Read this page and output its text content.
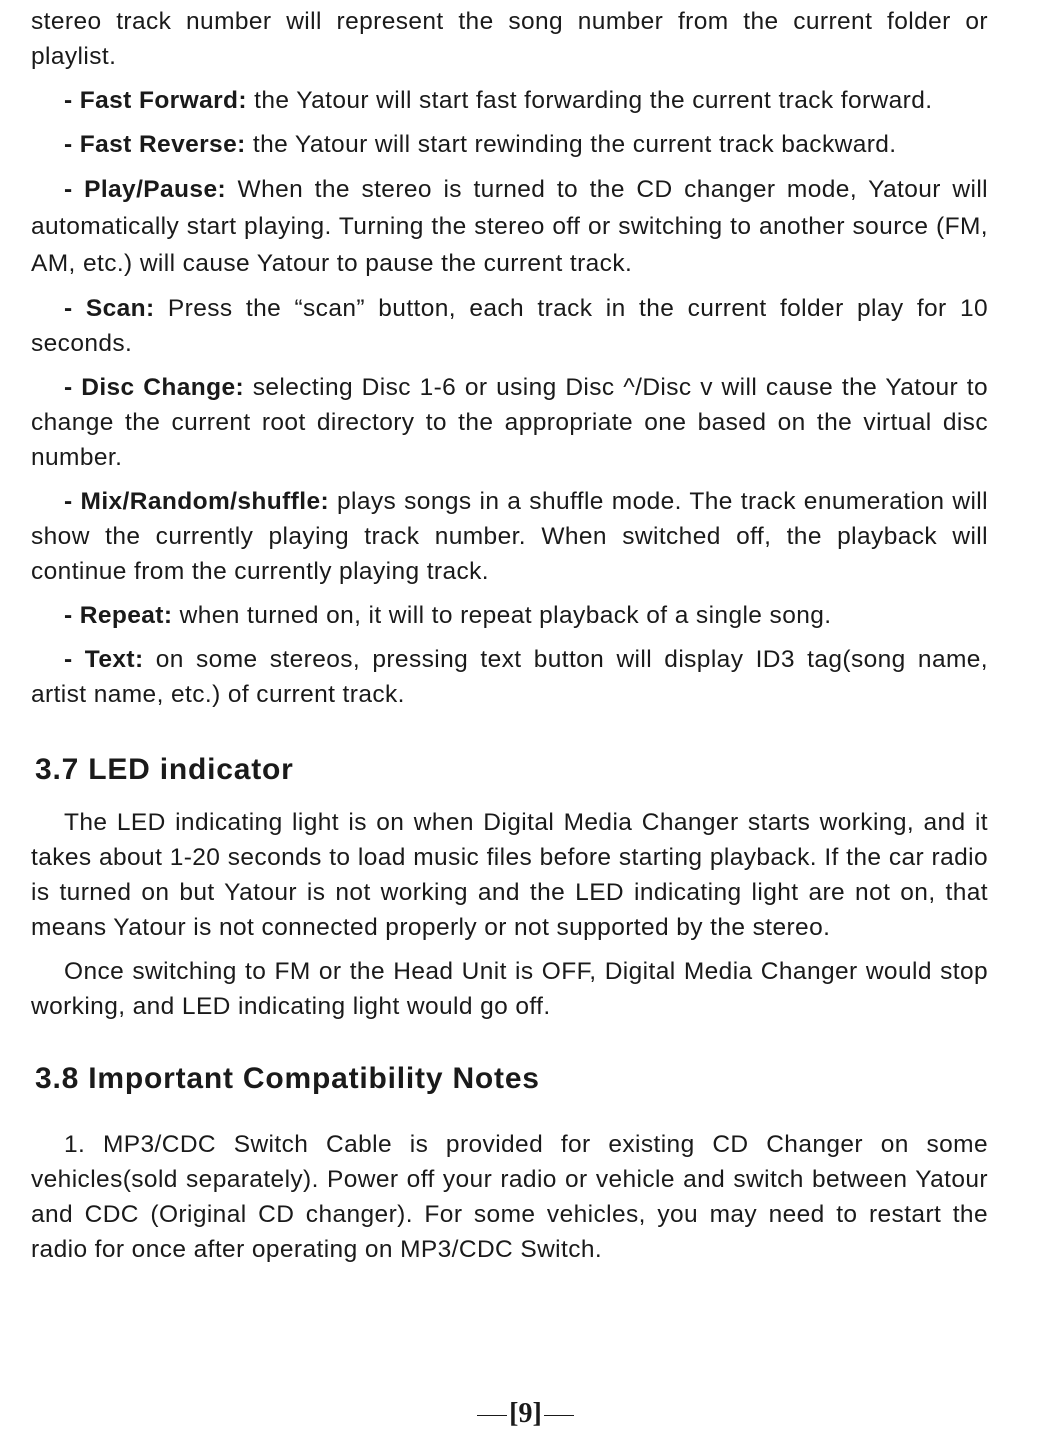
stereo track number will represent the song number from the current folder or playlist.

- Fast Forward: the Yatour will start fast forwarding the current track forward.

- Fast Reverse: the Yatour will start rewinding the current track backward.

- Play/Pause: When the stereo is turned to the CD changer mode, Yatour will automatically start playing. Turning the stereo off or switching to another source (FM, AM, etc.) will cause Yatour to pause the current track.

- Scan: Press the “scan” button, each track in the current folder play for 10 seconds.

- Disc Change: selecting Disc 1-6 or using Disc ^/Disc v will cause the Yatour to change the current root directory to the appropriate one based on the virtual disc number.

- Mix/Random/shuffle: plays songs in a shuffle mode. The track enumeration will show the currently playing track number. When switched off, the playback will continue from the currently playing track.

- Repeat: when turned on, it will to repeat playback of a single song.

- Text: on some stereos, pressing text button will display ID3 tag(song name, artist name, etc.) of current track.

3.7 LED indicator

The LED indicating light is on when Digital Media Changer starts working, and it takes about 1-20 seconds to load music files before starting playback. If the car radio is turned on but Yatour is not working and the LED indicating light are not on, that means Yatour is not connected properly or not supported by the stereo.

Once switching to FM or the Head Unit is OFF, Digital Media Changer would stop working, and LED indicating light would go off.

3.8 Important Compatibility Notes

1. MP3/CDC Switch Cable is provided for existing CD Changer on some vehicles(sold separately). Power off your radio or vehicle and switch between Yatour and CDC (Original CD changer). For some vehicles, you may need to restart the radio for once after operating on MP3/CDC Switch.

[9]
